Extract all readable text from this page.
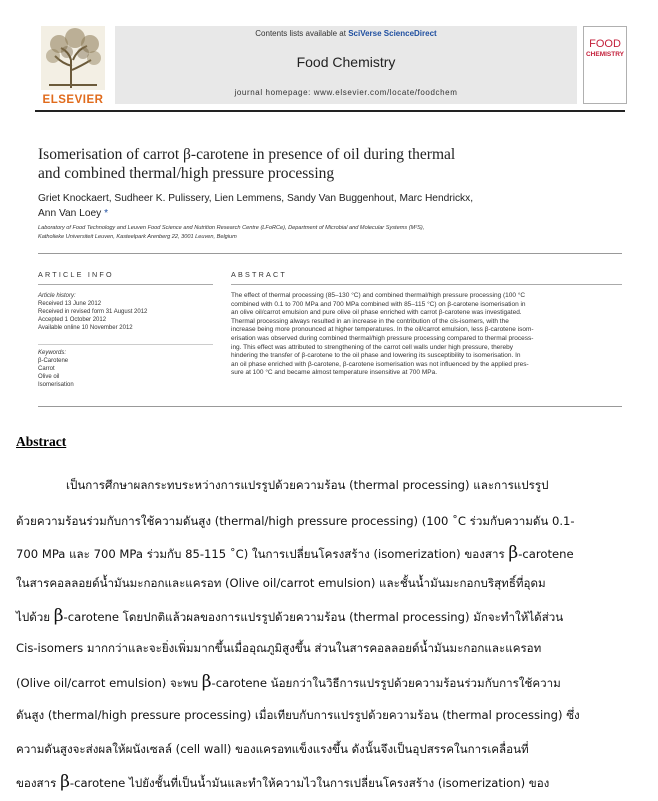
ELSEVIER
Contents lists available at SciVerse ScienceDirect
Food Chemistry
journal homepage: www.elsevier.com/locate/foodchem
FOOD
CHEMISTRY
Isomerisation of carrot β-carotene in presence of oil during thermal
and combined thermal/high pressure processing
Griet Knockaert, Sudheer K. Pulissery, Lien Lemmens, Sandy Van Buggenhout, Marc Hendrickx,
Ann Van Loey *
Laboratory of Food Technology and Leuven Food Science and Nutrition Research Centre (LFoRCe), Department of Microbial and Molecular Systems (M²S),
Katholieke Universiteit Leuven, Kasteelpark Arenberg 22, 3001 Leuven, Belgium
ARTICLE INFO
Article history:
Received 13 June 2012
Received in revised form 31 August 2012
Accepted 1 October 2012
Available online 10 November 2012
Keywords:
β-Carotene
Carrot
Olive oil
Isomerisation
ABSTRACT
The effect of thermal processing (85–130 °C) and combined thermal/high pressure processing (100 °C
combined with 0.1 to 700 MPa and 700 MPa combined with 85–115 °C) on β-carotene isomerisation in
an olive oil/carrot emulsion and pure olive oil phase enriched with carrot β-carotene was investigated.
Thermal processing always resulted in an increase in the contribution of the cis-isomers, with the
increase being more pronounced at higher temperatures. In the oil/carrot emulsion, less β-carotene isom-
erisation was observed during combined thermal/high pressure processing compared to thermal process-
ing. This effect was attributed to strengthening of the carrot cell walls under high pressure, thereby
hindering the transfer of β-carotene to the oil phase and lowering its susceptibility to isomerisation. In
an oil phase enriched with β-carotene, β-carotene isomerisation was not influenced by the applied pres-
sure at 100 °C and became almost temperature insensitive at 700 MPa.
Abstract
เป็นการศึกษาผลกระทบระหว่างการแปรรูปด้วยความร้อน (thermal processing) และการแปรรูป
ด้วยความร้อนร่วมกับการใช้ความดันสูง (thermal/high pressure processing) (100 ˚C ร่วมกับความดัน 0.1-
700 MPa และ 700 MPa ร่วมกับ 85-115 ˚C) ในการเปลี่ยนโครงสร้าง (isomerization) ของสาร β-carotene
ในสารคอลลอยด์น้ำมันมะกอกและแครอท (Olive oil/carrot emulsion) และชั้นน้ำมันมะกอกบริสุทธิ์ที่อุดม
ไปด้วย β-carotene โดยปกติแล้วผลของการแปรรูปด้วยความร้อน (thermal processing) มักจะทำให้ได้ส่วน
Cis-isomers มากกว่าและจะยิ่งเพิ่มมากขึ้นเมื่ออุณภูมิสูงขึ้น ส่วนในสารคอลลอยด์น้ำมันมะกอกและแครอท
(Olive oil/carrot emulsion) จะพบ β-carotene น้อยกว่าในวิธีการแปรรูปด้วยความร้อนร่วมกับการใช้ความ
ดันสูง (thermal/high pressure processing) เมื่อเทียบกับการแปรรูปด้วยความร้อน (thermal processing) ซึ่ง
ความดันสูงจะส่งผลให้ผนังเซลล์ (cell wall) ของแครอทแข็งแรงขึ้น ดังนั้นจึงเป็นอุปสรรคในการเคลื่อนที่
ของสาร β-carotene ไปยังชั้นที่เป็นน้ำมันและทำให้ความไวในการเปลี่ยนโครงสร้าง (isomerization) ของ
